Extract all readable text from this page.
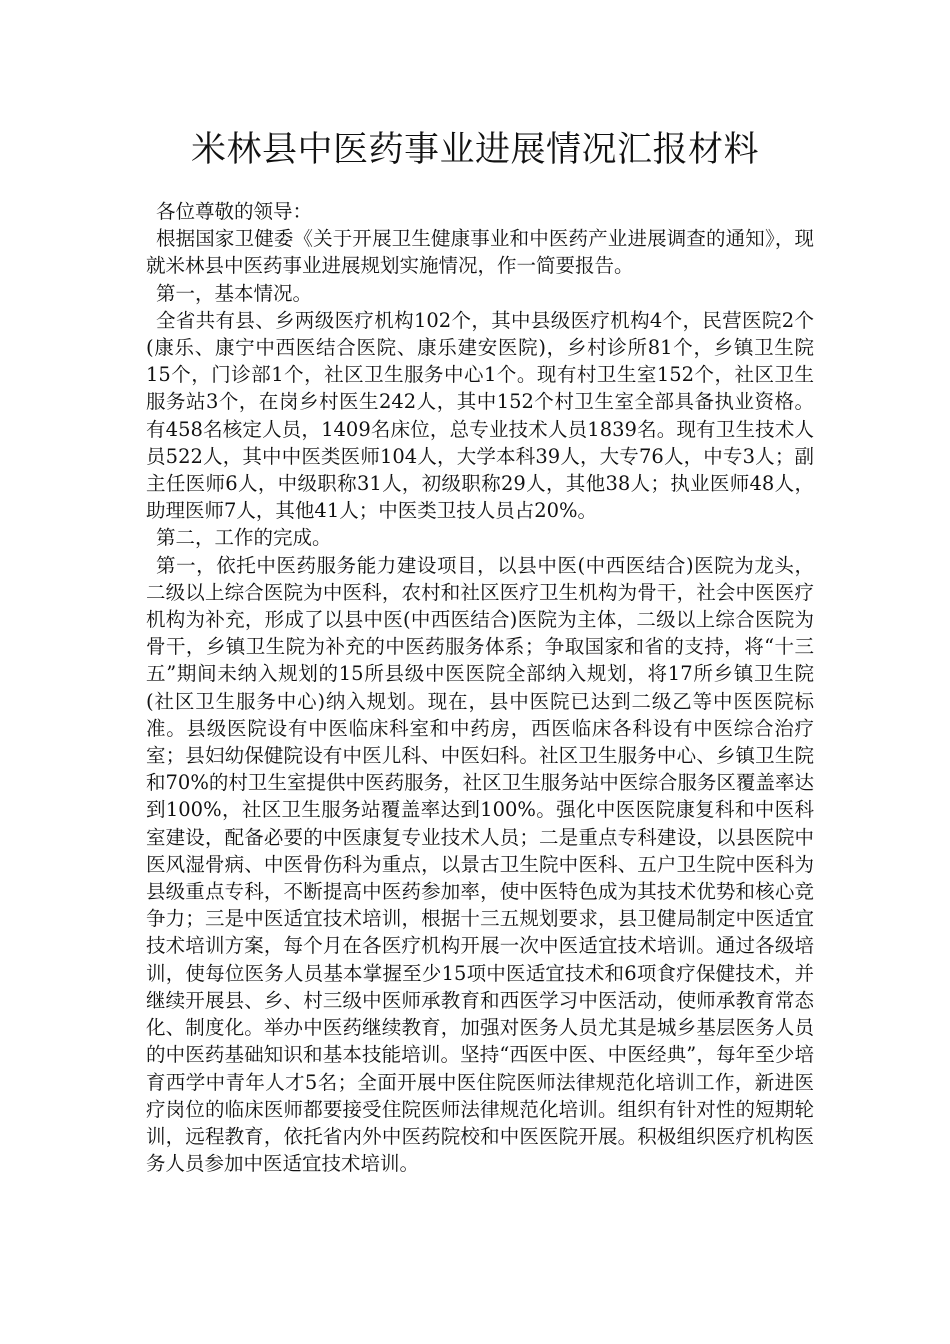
米林县中医药事业进展情况汇报材料

各位尊敬的领导：

根据国家卫健委《关于开展卫生健康事业和中医药产业进展调查的通知》，现就米林县中医药事业进展规划实施情况，作一简要报告。

第一，基本情况。

全省共有县、乡两级医疗机构102个，其中县级医疗机构4个，民营医院2个(康乐、康宁中西医结合医院、康乐建安医院)，乡村诊所81个，乡镇卫生院15个，门诊部1个，社区卫生服务中心1个。现有村卫生室152个，社区卫生服务站3个，在岗乡村医生242人，其中152个村卫生室全部具备执业资格。有458名核定人员，1409名床位，总专业技术人员1839名。现有卫生技术人员522人，其中中医类医师104人，大学本科39人，大专76人，中专3人；副主任医师6人，中级职称31人，初级职称29人，其他38人；执业医师48人，助理医师7人，其他41人；中医类卫技人员占20%。

第二，工作的完成。

第一，依托中医药服务能力建设项目，以县中医(中西医结合)医院为龙头，二级以上综合医院为中医科，农村和社区医疗卫生机构为骨干，社会中医医疗机构为补充，形成了以县中医(中西医结合)医院为主体，二级以上综合医院为骨干，乡镇卫生院为补充的中医药服务体系；争取国家和省的支持，将“十三五”期间未纳入规划的15所县级中医医院全部纳入规划，将17所乡镇卫生院(社区卫生服务中心)纳入规划。现在，县中医院已达到二级乙等中医医院标准。县级医院设有中医临床科室和中药房，西医临床各科设有中医综合治疗室；县妇幼保健院设有中医儿科、中医妇科。社区卫生服务中心、乡镇卫生院和70%的村卫生室提供中医药服务，社区卫生服务站中医综合服务区覆盖率达到100%，社区卫生服务站覆盖率达到100%。强化中医医院康复科和中医科室建设，配备必要的中医康复专业技术人员；二是重点专科建设，以县医院中医风湿骨病、中医骨伤科为重点，以景古卫生院中医科、五户卫生院中医科为县级重点专科，不断提高中医药参加率，使中医特色成为其技术优势和核心竞争力；三是中医适宜技术培训，根据十三五规划要求，县卫健局制定中医适宜技术培训方案，每个月在各医疗机构开展一次中医适宜技术培训。通过各级培训，使每位医务人员基本掌握至少15项中医适宜技术和6项食疗保健技术，并继续开展县、乡、村三级中医师承教育和西医学习中医活动，使师承教育常态化、制度化。举办中医药继续教育，加强对医务人员尤其是城乡基层医务人员的中医药基础知识和基本技能培训。坚持“西医中医、中医经典”，每年至少培育西学中青年人才5名；全面开展中医住院医师法律规范化培训工作，新进医疗岗位的临床医师都要接受住院医师法律规范化培训。组织有针对性的短期轮训，远程教育，依托省内外中医药院校和中医医院开展。积极组织医疗机构医务人员参加中医适宜技术培训。
